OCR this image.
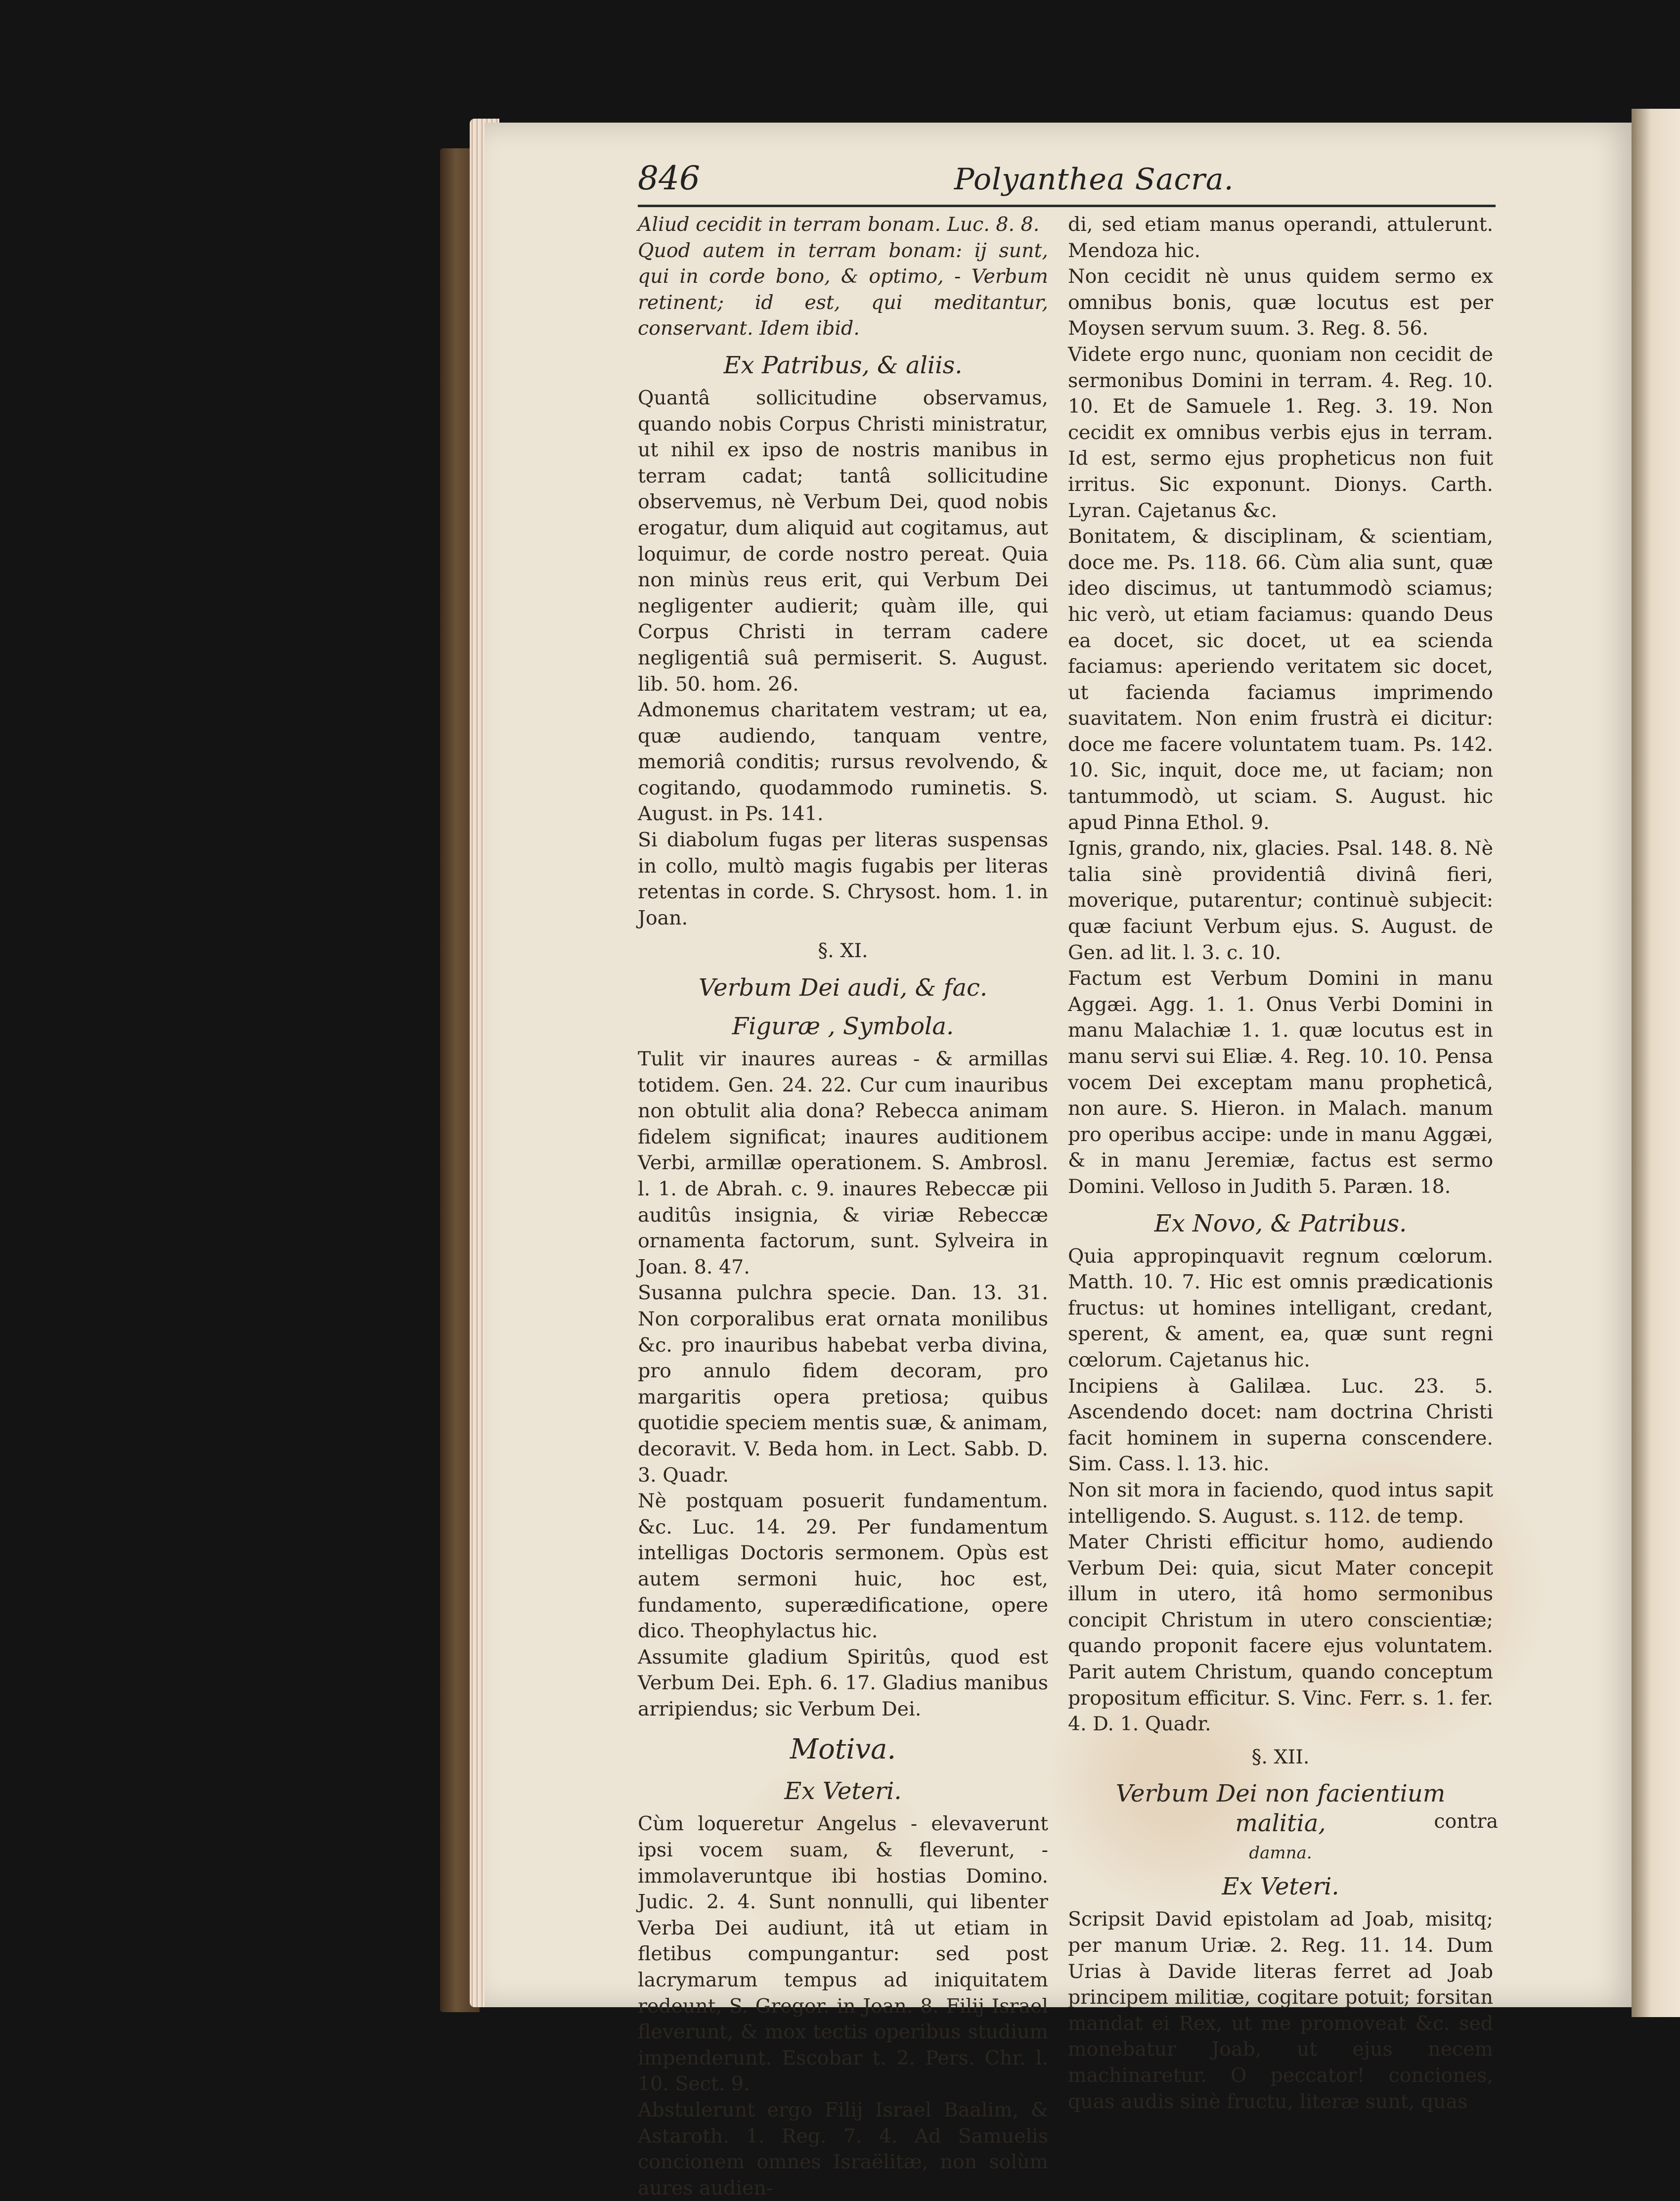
846	Polyanthea Sacra.

Aliud cecidit in terram bonam. Luc. 8. 8.

Quod autem in terram bonam: ij sunt, qui in corde bono, & optimo, - Verbum retinent; id est, qui meditantur, conservant. Idem ibid.

Ex Patribus, & aliis.

Quantâ sollicitudine observamus, quando nobis Corpus Christi ministratur, ut nihil ex ipso de nostris manibus in terram cadat; tantâ sollicitudine observemus, nè Verbum Dei, quod nobis erogatur, dum aliquid aut cogitamus, aut loquimur, de corde nostro pereat. Quia non minùs reus erit, qui Verbum Dei negligenter audierit; quàm ille, qui Corpus Christi in terram cadere negligentiâ suâ permiserit. S. August. lib. 50. hom. 26.

Admonemus charitatem vestram; ut ea, quæ audiendo, tanquam ventre, memoriâ conditis; rursus revolvendo, & cogitando, quodammodo ruminetis. S. August. in Ps. 141.

Si diabolum fugas per literas suspensas in collo, multò magis fugabis per literas retentas in corde. S. Chrysost. hom. 1. in Joan.

§. XI.
Verbum Dei audi, & fac.
Figuræ , Symbola.

Tulit vir inaures aureas - & armillas totidem. Gen. 24. 22. Cur cum inauribus non obtulit alia dona? Rebecca animam fidelem significat; inaures auditionem Verbi, armillæ operationem. S. Ambrosl. l. 1. de Abrah. c. 9. inaures Rebeccæ pii auditûs insignia, & viriæ Rebeccæ ornamenta factorum, sunt. Sylveira in Joan. 8. 47.

Susanna pulchra specie. Dan. 13. 31. Non corporalibus erat ornata monilibus &c. pro inauribus habebat verba divina, pro annulo fidem decoram, pro margaritis opera pretiosa; quibus quotidie speciem mentis suæ, & animam, decoravit. V. Beda hom. in Lect. Sabb. D. 3. Quadr.

Nè postquam posuerit fundamentum. &c. Luc. 14. 29. Per fundamentum intelligas Doctoris sermonem. Opùs est autem sermoni huic, hoc est, fundamento, superædificatione, opere dico. Theophylactus hic.

Assumite gladium Spiritûs, quod est Verbum Dei. Eph. 6. 17. Gladius manibus arripiendus; sic Verbum Dei.

Motiva.
Ex Veteri.

Cùm loqueretur Angelus - elevaverunt ipsi vocem suam, & fleverunt, - immolaveruntque ibi hostias Domino. Judic. 2. 4. Sunt nonnulli, qui libenter Verba Dei audiunt, itâ ut etiam in fletibus compungantur: sed post lacrymarum tempus ad iniquitatem redeunt, S. Gregor. in Joan. 8. Filij Israel fleverunt, & mox tectis operibus studium impenderunt. Escobar t. 2. Pers. Chr. l. 10. Sect. 9.

Abstulerunt ergo Filij Israel Baalim, & Astaroth. 1. Reg. 7. 4. Ad Samuelis concionem omnes Israëlitæ, non solùm aures audien-

di, sed etiam manus operandi, attulerunt. Mendoza hic.

Non cecidit nè unus quidem sermo ex omnibus bonis, quæ locutus est per Moysen servum suum. 3. Reg. 8. 56.

Videte ergo nunc, quoniam non cecidit de sermonibus Domini in terram. 4. Reg. 10. 10. Et de Samuele 1. Reg. 3. 19. Non cecidit ex omnibus verbis ejus in terram. Id est, sermo ejus propheticus non fuit irritus. Sic exponunt. Dionys. Carth. Lyran. Cajetanus &c.

Bonitatem, & disciplinam, & scientiam, doce me. Ps. 118. 66. Cùm alia sunt, quæ ideo discimus, ut tantummodò sciamus; hic verò, ut etiam faciamus: quando Deus ea docet, sic docet, ut ea scienda faciamus: aperiendo veritatem sic docet, ut facienda faciamus imprimendo suavitatem. Non enim frustrà ei dicitur: doce me facere voluntatem tuam. Ps. 142. 10. Sic, inquit, doce me, ut faciam; non tantummodò, ut sciam. S. August. hic apud Pinna Ethol. 9.

Ignis, grando, nix, glacies. Psal. 148. 8. Nè talia sinè providentiâ divinâ fieri, moverique, putarentur; continuè subjecit: quæ faciunt Verbum ejus. S. August. de Gen. ad lit. l. 3. c. 10.

Factum est Verbum Domini in manu Aggæi. Agg. 1. 1. Onus Verbi Domini in manu Malachiæ 1. 1. quæ locutus est in manu servi sui Eliæ. 4. Reg. 10. 10. Pensa vocem Dei exceptam manu propheticâ, non aure. S. Hieron. in Malach. manum pro operibus accipe: unde in manu Aggæi, & in manu Jeremiæ, factus est sermo Domini. Velloso in Judith 5. Paræn. 18.

Ex Novo, & Patribus.

Quia appropinquavit regnum cœlorum. Matth. 10. 7. Hic est omnis prædicationis fructus: ut homines intelligant, credant, sperent, & ament, ea, quæ sunt regni cœlorum. Cajetanus hic.

Incipiens à Galilæa. Luc. 23. 5. Ascendendo docet: nam doctrina Christi facit hominem in superna conscendere. Sim. Cass. l. 13. hic.

Non sit mora in faciendo, quod intus sapit intelligendo. S. August. s. 112. de temp.

Mater Christi efficitur homo, audiendo Verbum Dei: quia, sicut Mater concepit illum in utero, itâ homo sermonibus concipit Christum in utero conscientiæ; quando proponit facere ejus voluntatem. Parit autem Christum, quando conceptum propositum efficitur. S. Vinc. Ferr. s. 1. fer. 4. D. 1. Quadr.

§. XII.
Verbum Dei non facientium malitia,
damna.
Ex Veteri.

Scripsit David epistolam ad Joab, misitq; per manum Uriæ. 2. Reg. 11. 14. Dum Urias à Davide literas ferret ad Joab principem militiæ, cogitare potuit; forsitan mandat ei Rex, ut me promoveat &c. sed monebatur Joab, ut ejus necem machinaretur. O peccator! conciones, quas audis sinè fructu, literæ sunt, quas

contra
